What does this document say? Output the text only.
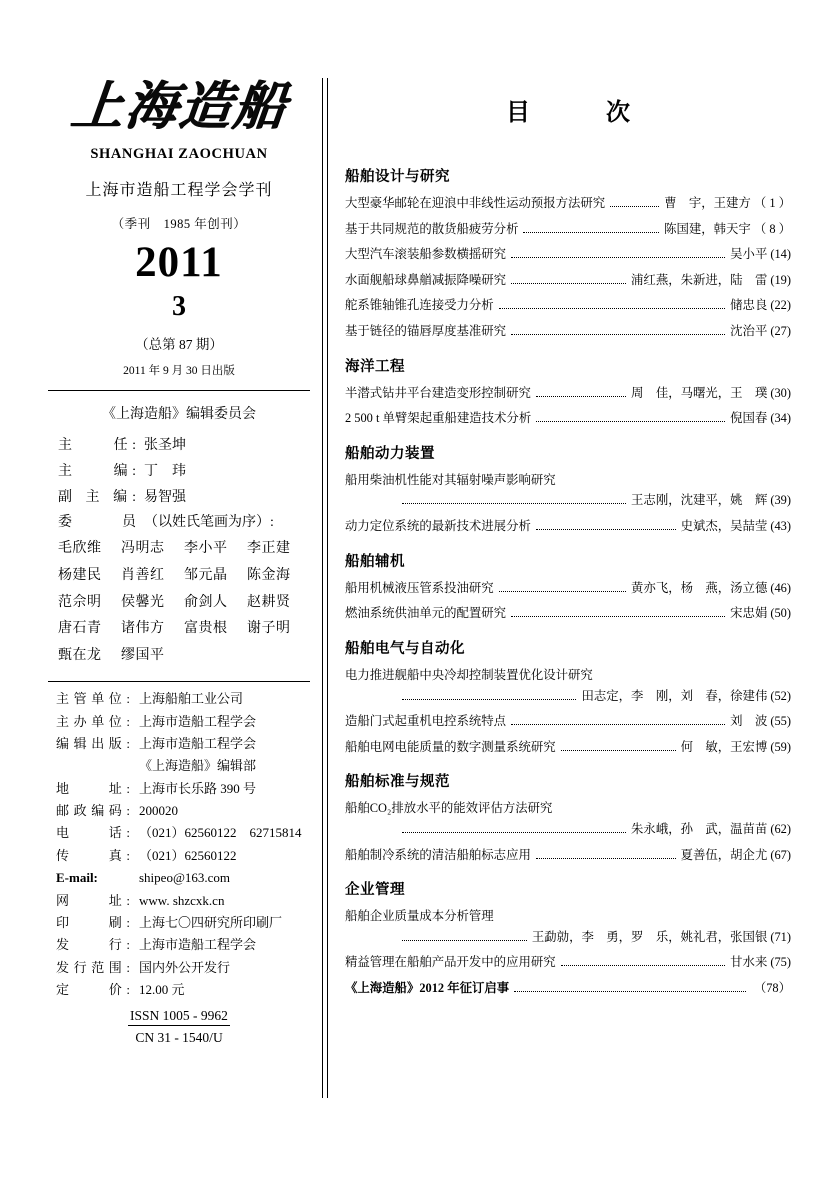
上海造船
SHANGHAI ZAOCHUAN
上海市造船工程学会学刊
（季刊　1985 年创刊）
2011
3
（总第 87 期）
2011 年 9 月 30 日出版
《上海造船》编辑委员会
主　　任: 张圣坤
主　　编: 丁　玮
副 主 编: 易智强
委　　员 （以姓氏笔画为序）:
毛欣维	冯明志	李小平	李正建
杨建民	肖善红	邹元晶	陈金海
范佘明	侯馨光	俞剑人	赵耕贤
唐石青	诸伟方	富贵根	谢子明
甄在龙	缪国平
主管单位: 上海船舶工业公司
主办单位: 上海市造船工程学会
编辑出版: 上海市造船工程学会
《上海造船》编辑部
地　　址: 上海市长乐路 390 号
邮政编码: 200020
电　　话: （021）62560122　62715814
传　　真: （021）62560122
E-mail:	shipeo@163.com
网　　址: www. shzcxk.cn
印　　刷: 上海七〇四研究所印刷厂
发　　行: 上海市造船工程学会
发行范围: 国内外公开发行
定　　价: 12.00 元
ISSN 1005 - 9962
CN 31 - 1540/U
目　次
船舶设计与研究
大型豪华邮轮在迎浪中非线性运动预报方法研究	曹　宇，王建方 （ 1 ）
基于共同规范的散货船疲劳分析	陈国建，韩天宇 （ 8 ）
大型汽车滚装船参数横摇研究	吴小平 (14)
水面舰船球鼻艏减振降噪研究	浦红燕，朱新进，陆　雷 (19)
舵系锥轴锥孔连接受力分析	储忠良 (22)
基于链径的锚唇厚度基准研究	沈治平 (27)
海洋工程
半潜式钻井平台建造变形控制研究	周　佳，马曙光，王　璞 (30)
2 500 t 单臂架起重船建造技术分析	倪国春 (34)
船舶动力装置
船用柴油机性能对其辐射噪声影响研究
王志刚，沈建平，姚　辉 (39)
动力定位系统的最新技术进展分析	史斌杰，吴喆莹 (43)
船舶辅机
船用机械液压管系投油研究	黄亦飞，杨　燕，汤立德 (46)
燃油系统供油单元的配置研究	宋忠娟 (50)
船舶电气与自动化
电力推进舰船中央冷却控制装置优化设计研究
田志定，李　刚，刘　春，徐建伟 (52)
造船门式起重机电控系统特点	刘　波 (55)
船舶电网电能质量的数字测量系统研究	何　敏，王宏博 (59)
船舶标准与规范
船舶CO₂排放水平的能效评估方法研究
朱永峨，孙　武，温苗苗 (62)
船舶制冷系统的清洁船舶标志应用	夏善伍，胡企尤 (67)
企业管理
船舶企业质量成本分析管理
王勐勍，李　勇，罗　乐，姚礼君，张国银 (71)
精益管理在船舶产品开发中的应用研究	甘水来 (75)
《上海造船》2012 年征订启事	（78）
